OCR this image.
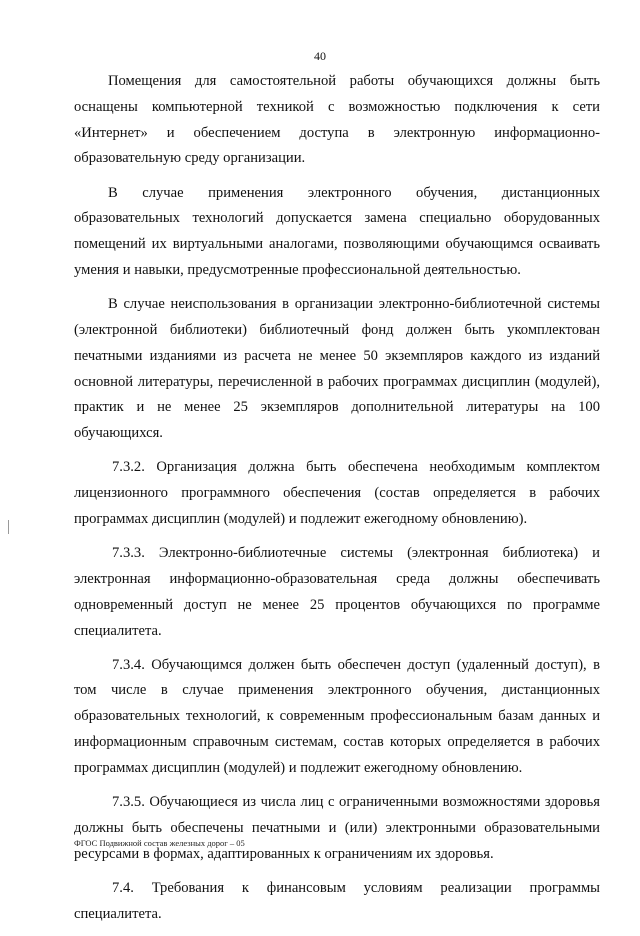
40

Помещения для самостоятельной работы обучающихся должны быть оснащены компьютерной техникой с возможностью подключения к сети «Интернет» и обеспечением доступа в электронную информационно-образовательную среду организации.

В случае применения электронного обучения, дистанционных образовательных технологий допускается замена специально оборудованных помещений их виртуальными аналогами, позволяющими обучающимся осваивать умения и навыки, предусмотренные профессиональной деятельностью.

В случае неиспользования в организации электронно-библиотечной системы (электронной библиотеки) библиотечный фонд должен быть укомплектован печатными изданиями из расчета не менее 50 экземпляров каждого из изданий основной литературы, перечисленной в рабочих программах дисциплин (модулей), практик и не менее 25 экземпляров дополнительной литературы на 100 обучающихся.

7.3.2. Организация должна быть обеспечена необходимым комплектом лицензионного программного обеспечения (состав определяется в рабочих программах дисциплин (модулей) и подлежит ежегодному обновлению).

7.3.3. Электронно-библиотечные системы (электронная библиотека) и электронная информационно-образовательная среда должны обеспечивать одновременный доступ не менее 25 процентов обучающихся по программе специалитета.

7.3.4. Обучающимся должен быть обеспечен доступ (удаленный доступ), в том числе в случае применения электронного обучения, дистанционных образовательных технологий, к современным профессиональным базам данных и информационным справочным системам, состав которых определяется в рабочих программах дисциплин (модулей) и подлежит ежегодному обновлению.

7.3.5. Обучающиеся из числа лиц с ограниченными возможностями здоровья должны быть обеспечены печатными и (или) электронными образовательными ресурсами в формах, адаптированных к ограничениям их здоровья.

7.4. Требования к финансовым условиям реализации программы специалитета.

ФГОС Подвижной состав железных дорог – 05
